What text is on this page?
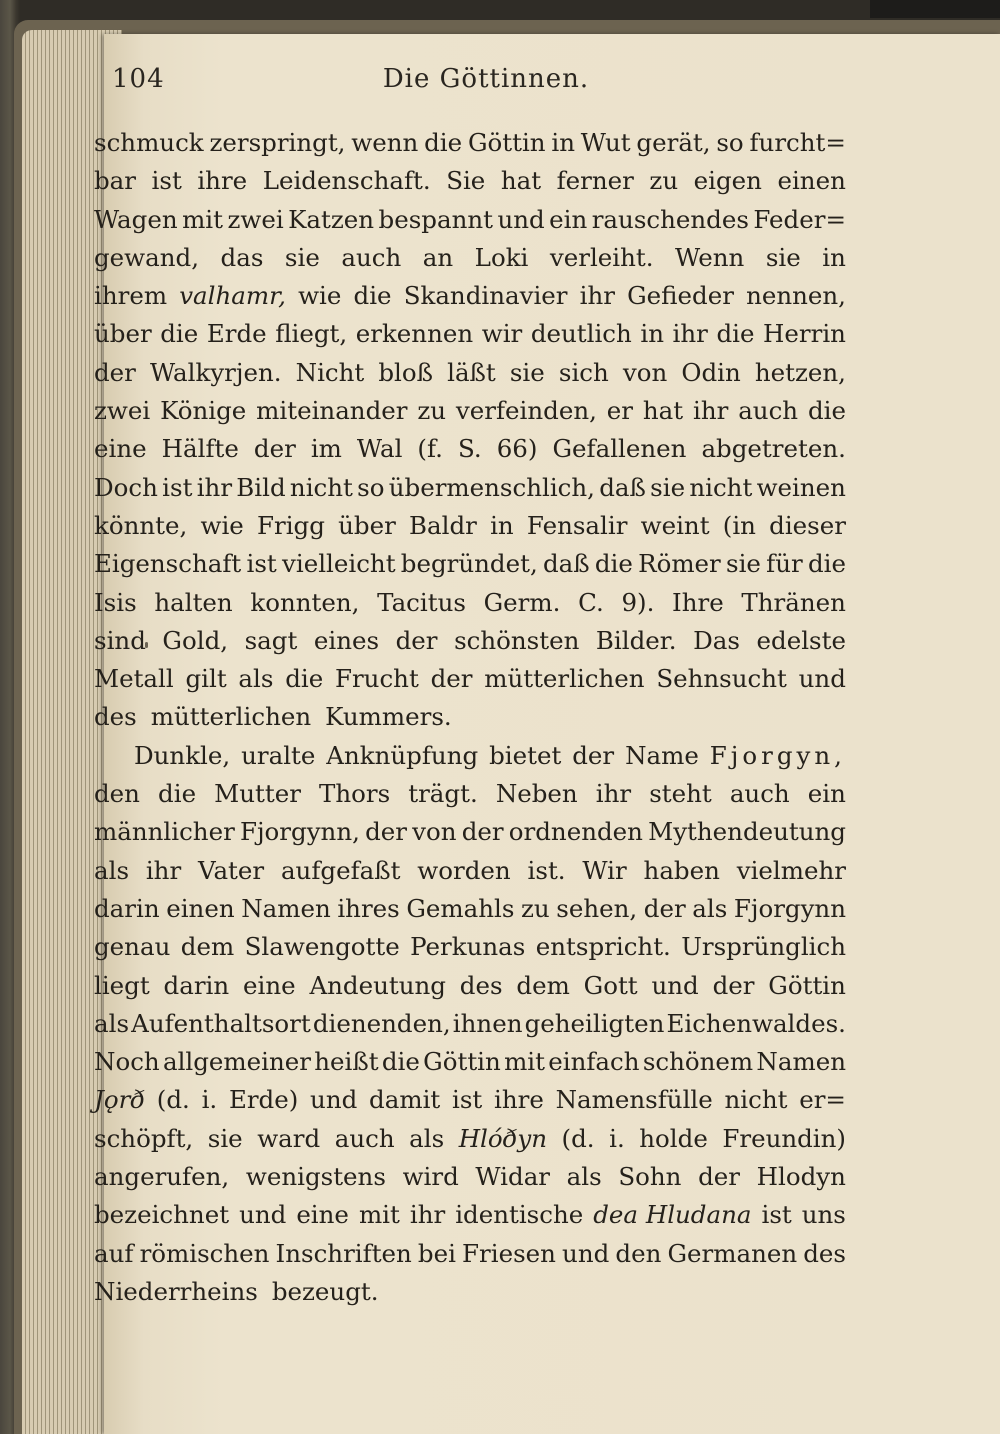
104	Die Göttinnen.
schmuck zerspringt, wenn die Göttin in Wut gerät, so furcht=
bar ist ihre Leidenschaft. Sie hat ferner zu eigen einen
Wagen mit zwei Katzen bespannt und ein rauschendes Feder=
gewand, das sie auch an Loki verleiht. Wenn sie in
ihrem valhamr, wie die Skandinavier ihr Gefieder nennen,
über die Erde fliegt, erkennen wir deutlich in ihr die Herrin
der Walkyrjen. Nicht bloß läßt sie sich von Odin hetzen,
zwei Könige miteinander zu verfeinden, er hat ihr auch die
eine Hälfte der im Wal (f. S. 66) Gefallenen abgetreten.
Doch ist ihr Bild nicht so übermenschlich, daß sie nicht weinen
könnte, wie Frigg über Baldr in Fensalir weint (in dieser
Eigenschaft ist vielleicht begründet, daß die Römer sie für die
Isis halten konnten, Tacitus Germ. C. 9). Ihre Thränen
sind Gold, sagt eines der schönsten Bilder. Das edelste
Metall gilt als die Frucht der mütterlichen Sehnsucht und
des mütterlichen Kummers.
Dunkle, uralte Anknüpfung bietet der Name Fjorgyn,
den die Mutter Thors trägt. Neben ihr steht auch ein
männlicher Fjorgynn, der von der ordnenden Mythendeutung
als ihr Vater aufgefaßt worden ist. Wir haben vielmehr
darin einen Namen ihres Gemahls zu sehen, der als Fjorgynn
genau dem Slawengotte Perkunas entspricht. Ursprünglich
liegt darin eine Andeutung des dem Gott und der Göttin
als Aufenthaltsort dienenden, ihnen geheiligten Eichenwaldes.
Noch allgemeiner heißt die Göttin mit einfach schönem Namen
Jǫrð (d. i. Erde) und damit ist ihre Namensfülle nicht er=
schöpft, sie ward auch als Hlóðyn (d. i. holde Freundin)
angerufen, wenigstens wird Widar als Sohn der Hlodyn
bezeichnet und eine mit ihr identische dea Hludana ist uns
auf römischen Inschriften bei Friesen und den Germanen des
Niederrheins bezeugt.
